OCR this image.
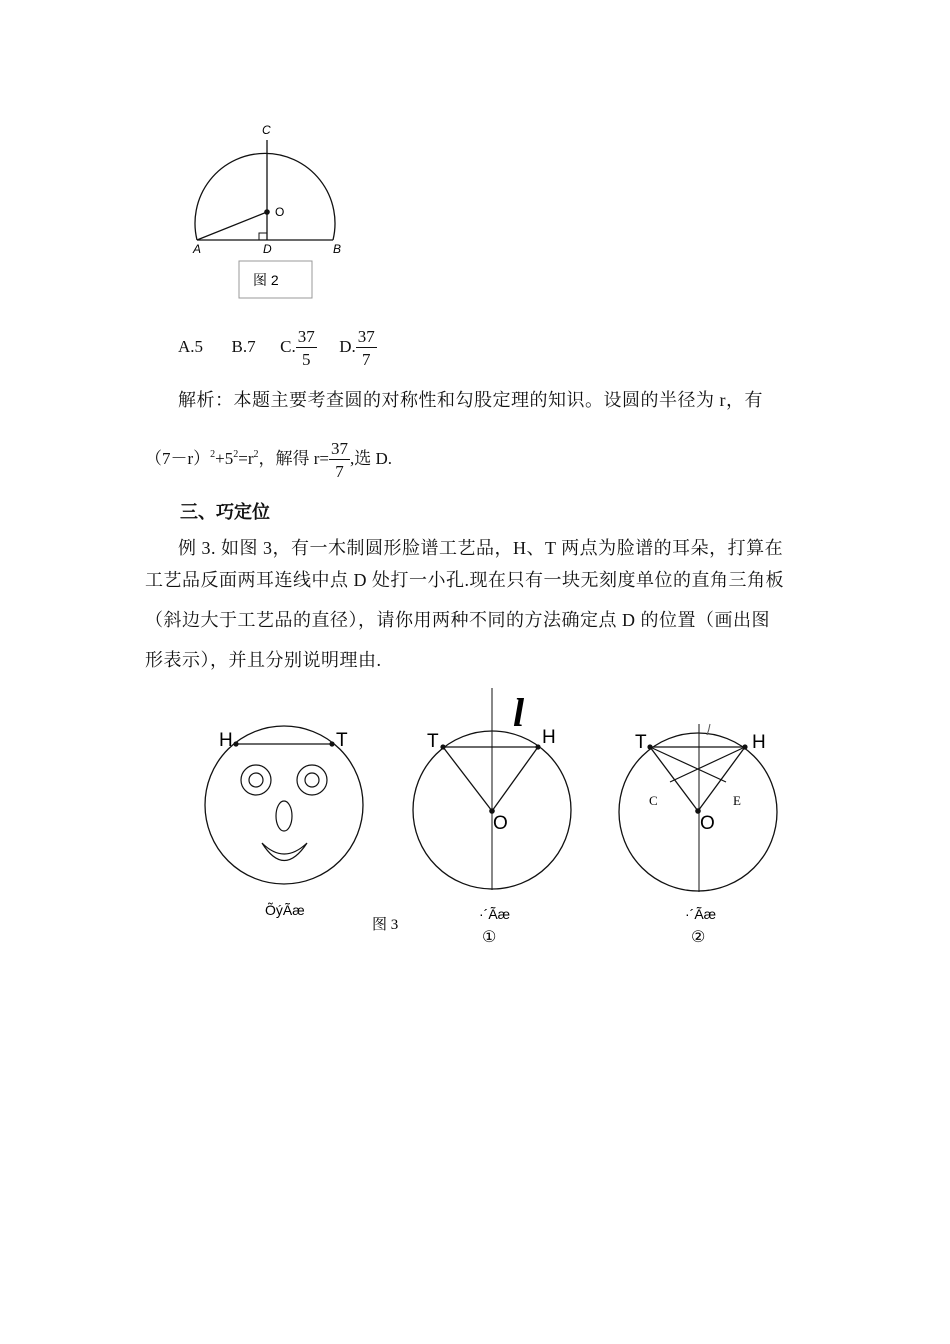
C
O
A	D	B
图 2
A.5 B.7 C. $\frac{37}{5} D$. $\frac{37}{7}$
解析：本题主要考查圆的对称性和勾股定理的知识。设圆的半径为 r，有
$(7-r)^2+5^2=r^2$，解得 $r= \frac{37}{7}$ ,选 D.
三、巧定位
例 3. 如图 3，有一木制圆形脸谱工艺品，H、T 两点为脸谱的耳朵，打算在
工艺品反面两耳连线中点 D 处打一小孔.现在只有一块无刻度单位的直角三角板
（斜边大于工艺品的直径），请你用两种不同的方法确定点 D 的位置（画出图
形表示），并且分别说明理由.
H	T
ÕýÃæ
l
T	H
O
·´Ãæ
①
图 3
T	H
C	E
O
·´Ãæ
②
